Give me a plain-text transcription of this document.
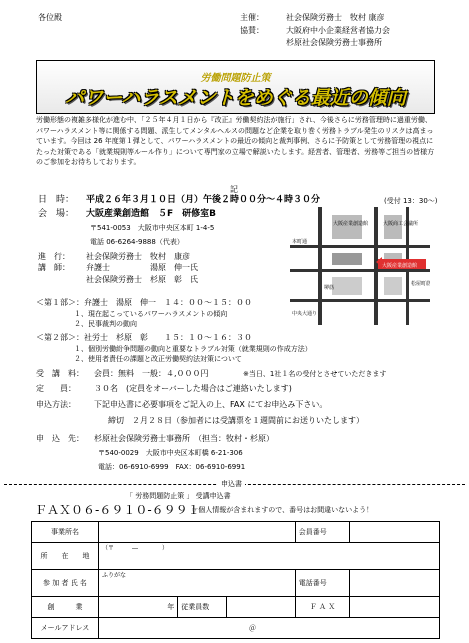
各位殿	主催：	社会保険労務士　牧村 康彦
協賛：	大阪府中小企業経営者協力会
杉原社会保険労務士事務所
労働問題防止策
パワーハラスメントをめぐる最近の傾向
労働形態の複雑多様化が進む中、「２５年４月１日から『改正』労働契約法が施行」され、今後さらに労務管理時に過重労働、パワーハラスメント等に関係する問題、派生してメンタルヘルスの問題など企業を取り巻く労務トラブル発生のリスクは高まっています。今回は 26 年度第１弾として、パワーハラスメントの最近の傾向と裁判事例、さらに予防策として労務管理の視点にたった対策である「就業規則等ルール作り」について専門家の立場で解説いたします。経営者、管理者、労務等ご担当の皆様方のご参加をお待ちしております。
記
日　時： 平成２６年３月１０日（月）午後２時００分～４時３０分	(受付 13：30～)
会　場： 大阪産業創造館　５F　研修室B
〒541-0053　大阪市中央区本町 1-4-5
電話 06-6264-9888（代表）
進　行： 社会保険労務士　牧村　康彦
講　師： 弁護士　　　　　湯原　伸一氏
社会保険労務士　杉原　彰　氏
大阪産業創造館	大阪商工会議所
本町通
中央大通り
松屋町筋
堺筋
大阪産業創造館
＜第１部＞：弁護士　湯原　伸一　１４：００～１５：００
１、現在起こっているパワーハラスメントの傾向
２、民事裁判の動向
＜第２部＞：社労士　杉原　彰　　１５：１０～１６：３０
１、個別労働紛争問題の動向と重要なトラブル対策（就業規則の作成方法）
２、使用者責任の課題と改正労働契約法対策について
受　講　料： 会員：無料　一般：４,０００円	※当日、1社１名の受付とさせていただきます
定　　員： ３０名　(定員をオーバーした場合はご連絡いたします)
申込方法： 下記申込書に必要事項をご記入の上、FAX にてお申込み下さい。
締切　２月２８日（参加者には受講票を１週間前にお送りいたします）
申　込　先： 杉原社会保険労務士事務所　（担当：牧村・杉原）
〒540-0029　大阪市中央区本町橋 6-21-306
電話：06-6910-6999　FAX：06-6910-6991
申込書
「 労務問題防止策 」 受講申込書
ＦＡＸ０６-６９１０-６９９１
☞個人情報が含まれますので、番号はお間違いないよう！
事業所名				会員番号	
所　　在　　地	（〒　　　―　　　　）				
参 加 者 氏 名	ふりがな			電話番号	
創　　　業	年	従業員数		Ｆ Ａ Ｘ	
メールアドレス	＠				
